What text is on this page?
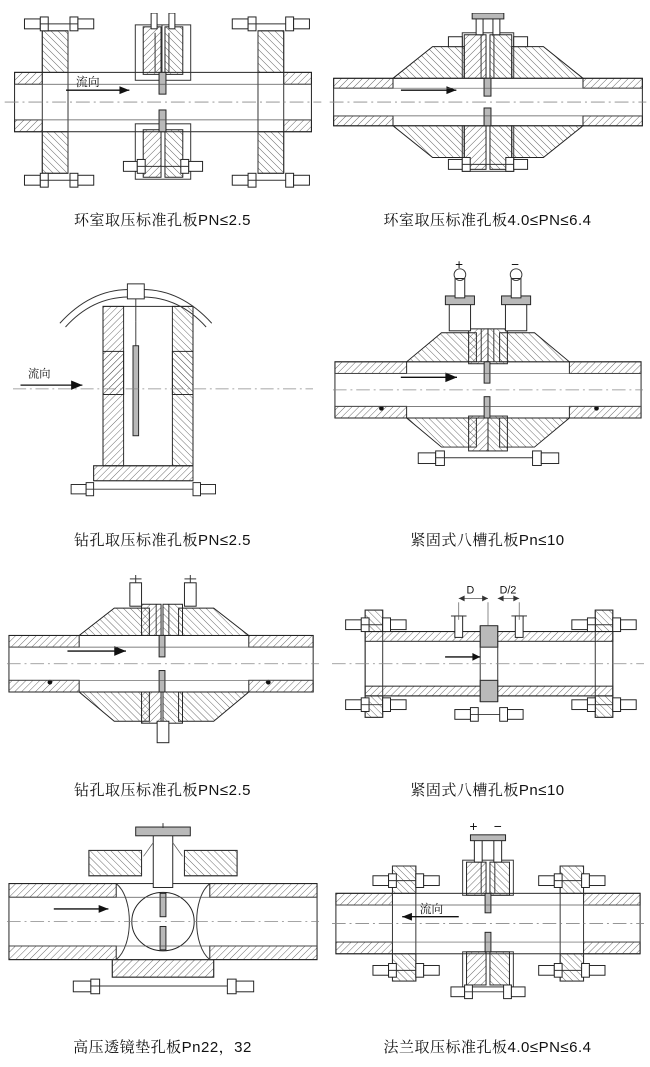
流向
环室取压标准孔板PN≤2.5	环室取压标准孔板4.0≤PN≤6.4
流向
钻孔取压标准孔板PN≤2.5
+	−
紧固式八槽孔板Pn≤10
钻孔取压标准孔板PN≤2.5
D D/2
紧固式八槽孔板Pn≤10
高压透镜垫孔板Pn22，32
+ −
流向
法兰取压标准孔板4.0≤PN≤6.4
